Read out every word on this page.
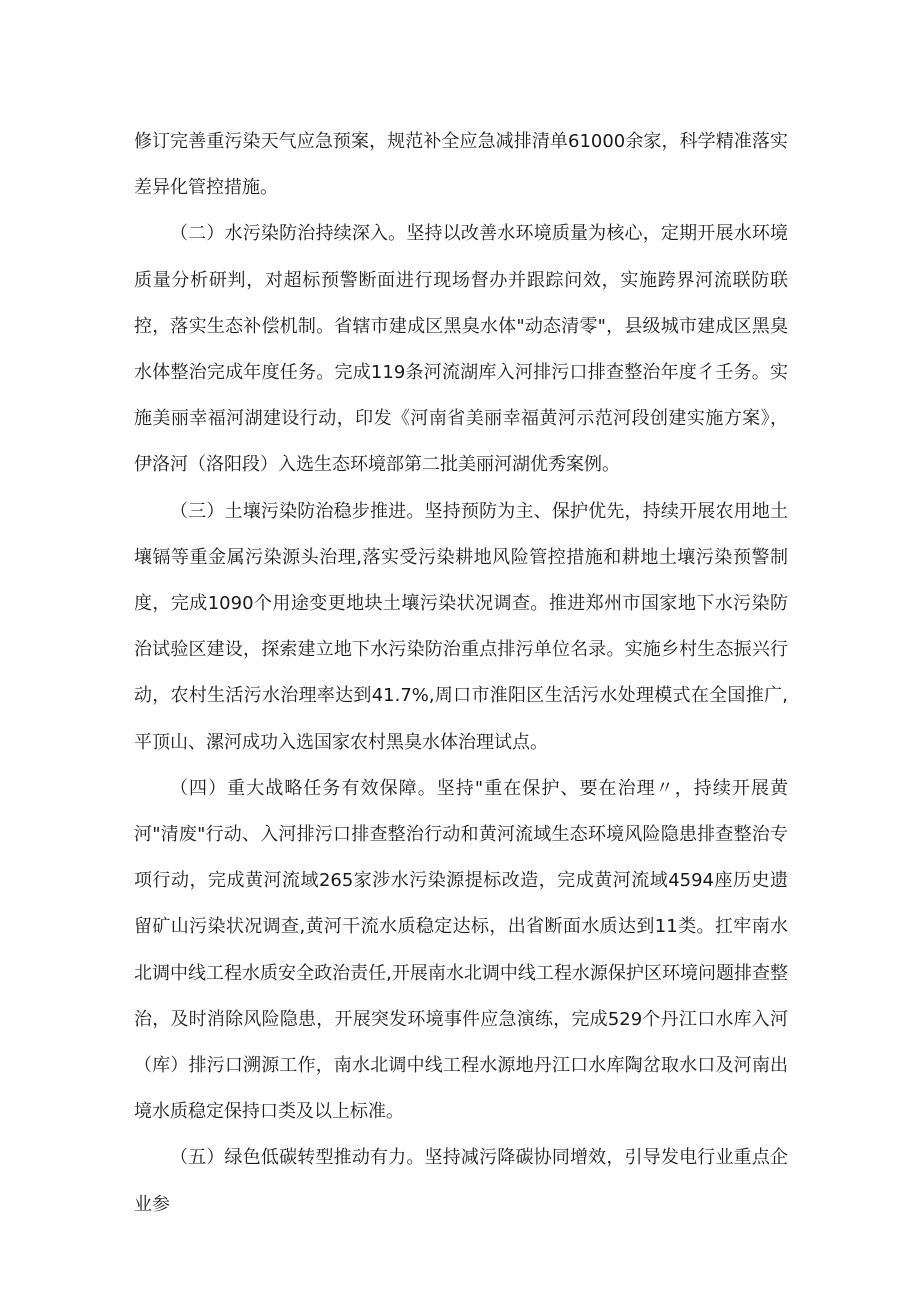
修订完善重污染天气应急预案，规范补全应急减排清单61000余家，科学精准落实差异化管控措施。

（二）水污染防治持续深入。坚持以改善水环境质量为核心，定期开展水环境质量分析研判，对超标预警断面进行现场督办并跟踪问效，实施跨界河流联防联控，落实生态补偿机制。省辖市建成区黑臭水体"动态清零"，县级城市建成区黑臭水体整治完成年度任务。完成119条河流湖库入河排污口排查整治年度彳壬务。实施美丽幸福河湖建设行动，印发《河南省美丽幸福黄河示范河段创建实施方案》，伊洛河（洛阳段）入选生态环境部第二批美丽河湖优秀案例。

（三）土壤污染防治稳步推进。坚持预防为主、保护优先，持续开展农用地土壤镉等重金属污染源头治理,落实受污染耕地风险管控措施和耕地土壤污染预警制度，完成1090个用途变更地块土壤污染状况调查。推进郑州市国家地下水污染防治试验区建设，探索建立地下水污染防治重点排污单位名录。实施乡村生态振兴行动，农村生活污水治理率达到41.7%,周口市淮阳区生活污水处理模式在全国推广,平顶山、漯河成功入选国家农村黑臭水体治理试点。

（四）重大战略任务有效保障。坚持"重在保护、要在治理〃，持续开展黄河"清废"行动、入河排污口排查整治行动和黄河流域生态环境风险隐患排查整治专项行动，完成黄河流域265家涉水污染源提标改造，完成黄河流域4594座历史遗留矿山污染状况调查,黄河干流水质稳定达标，出省断面水质达到11类。扛牢南水北调中线工程水质安全政治责任,开展南水北调中线工程水源保护区环境问题排查整治，及时消除风险隐患，开展突发环境事件应急演练，完成529个丹江口水库入河（库）排污口溯源工作，南水北调中线工程水源地丹江口水库陶岔取水口及河南出境水质稳定保持口类及以上标准。

（五）绿色低碳转型推动有力。坚持减污降碳协同增效，引导发电行业重点企业参
